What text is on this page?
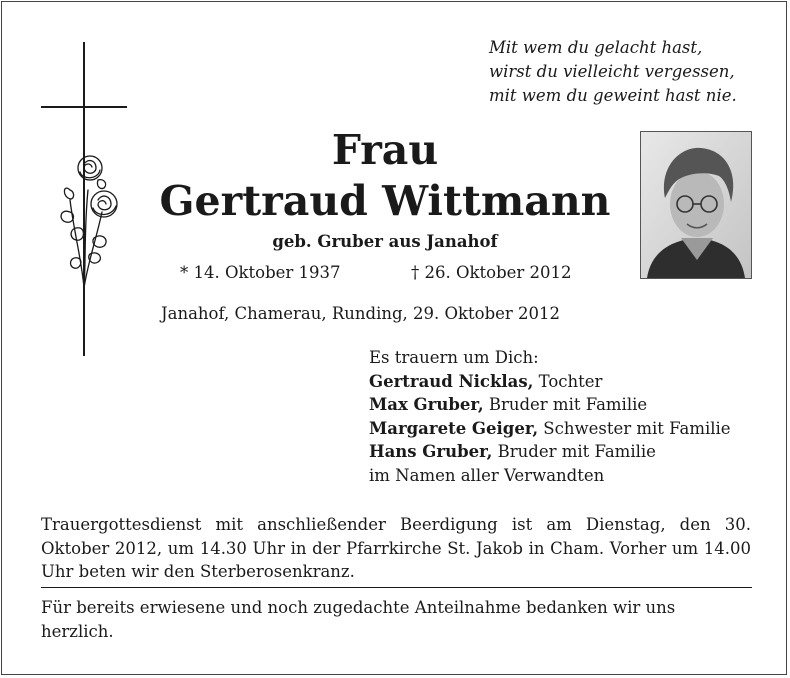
Mit wem du gelacht hast,
wirst du vielleicht vergessen,
mit wem du geweint hast nie.
Frau
Gertraud Wittmann
geb. Gruber aus Janahof
* 14. Oktober 1937	† 26. Oktober 2012
Janahof, Chamerau, Runding, 29. Oktober 2012
Es trauern um Dich:
Gertraud Nicklas, Tochter
Max Gruber, Bruder mit Familie
Margarete Geiger, Schwester mit Familie
Hans Gruber, Bruder mit Familie
im Namen aller Verwandten
Trauergottesdienst mit anschließender Beerdigung ist am Dienstag, den 30. Oktober 2012, um 14.30 Uhr in der Pfarrkirche St. Jakob in Cham. Vorher um 14.00 Uhr beten wir den Sterberosenkranz.
Für bereits erwiesene und noch zugedachte Anteilnahme bedanken wir uns herzlich.
